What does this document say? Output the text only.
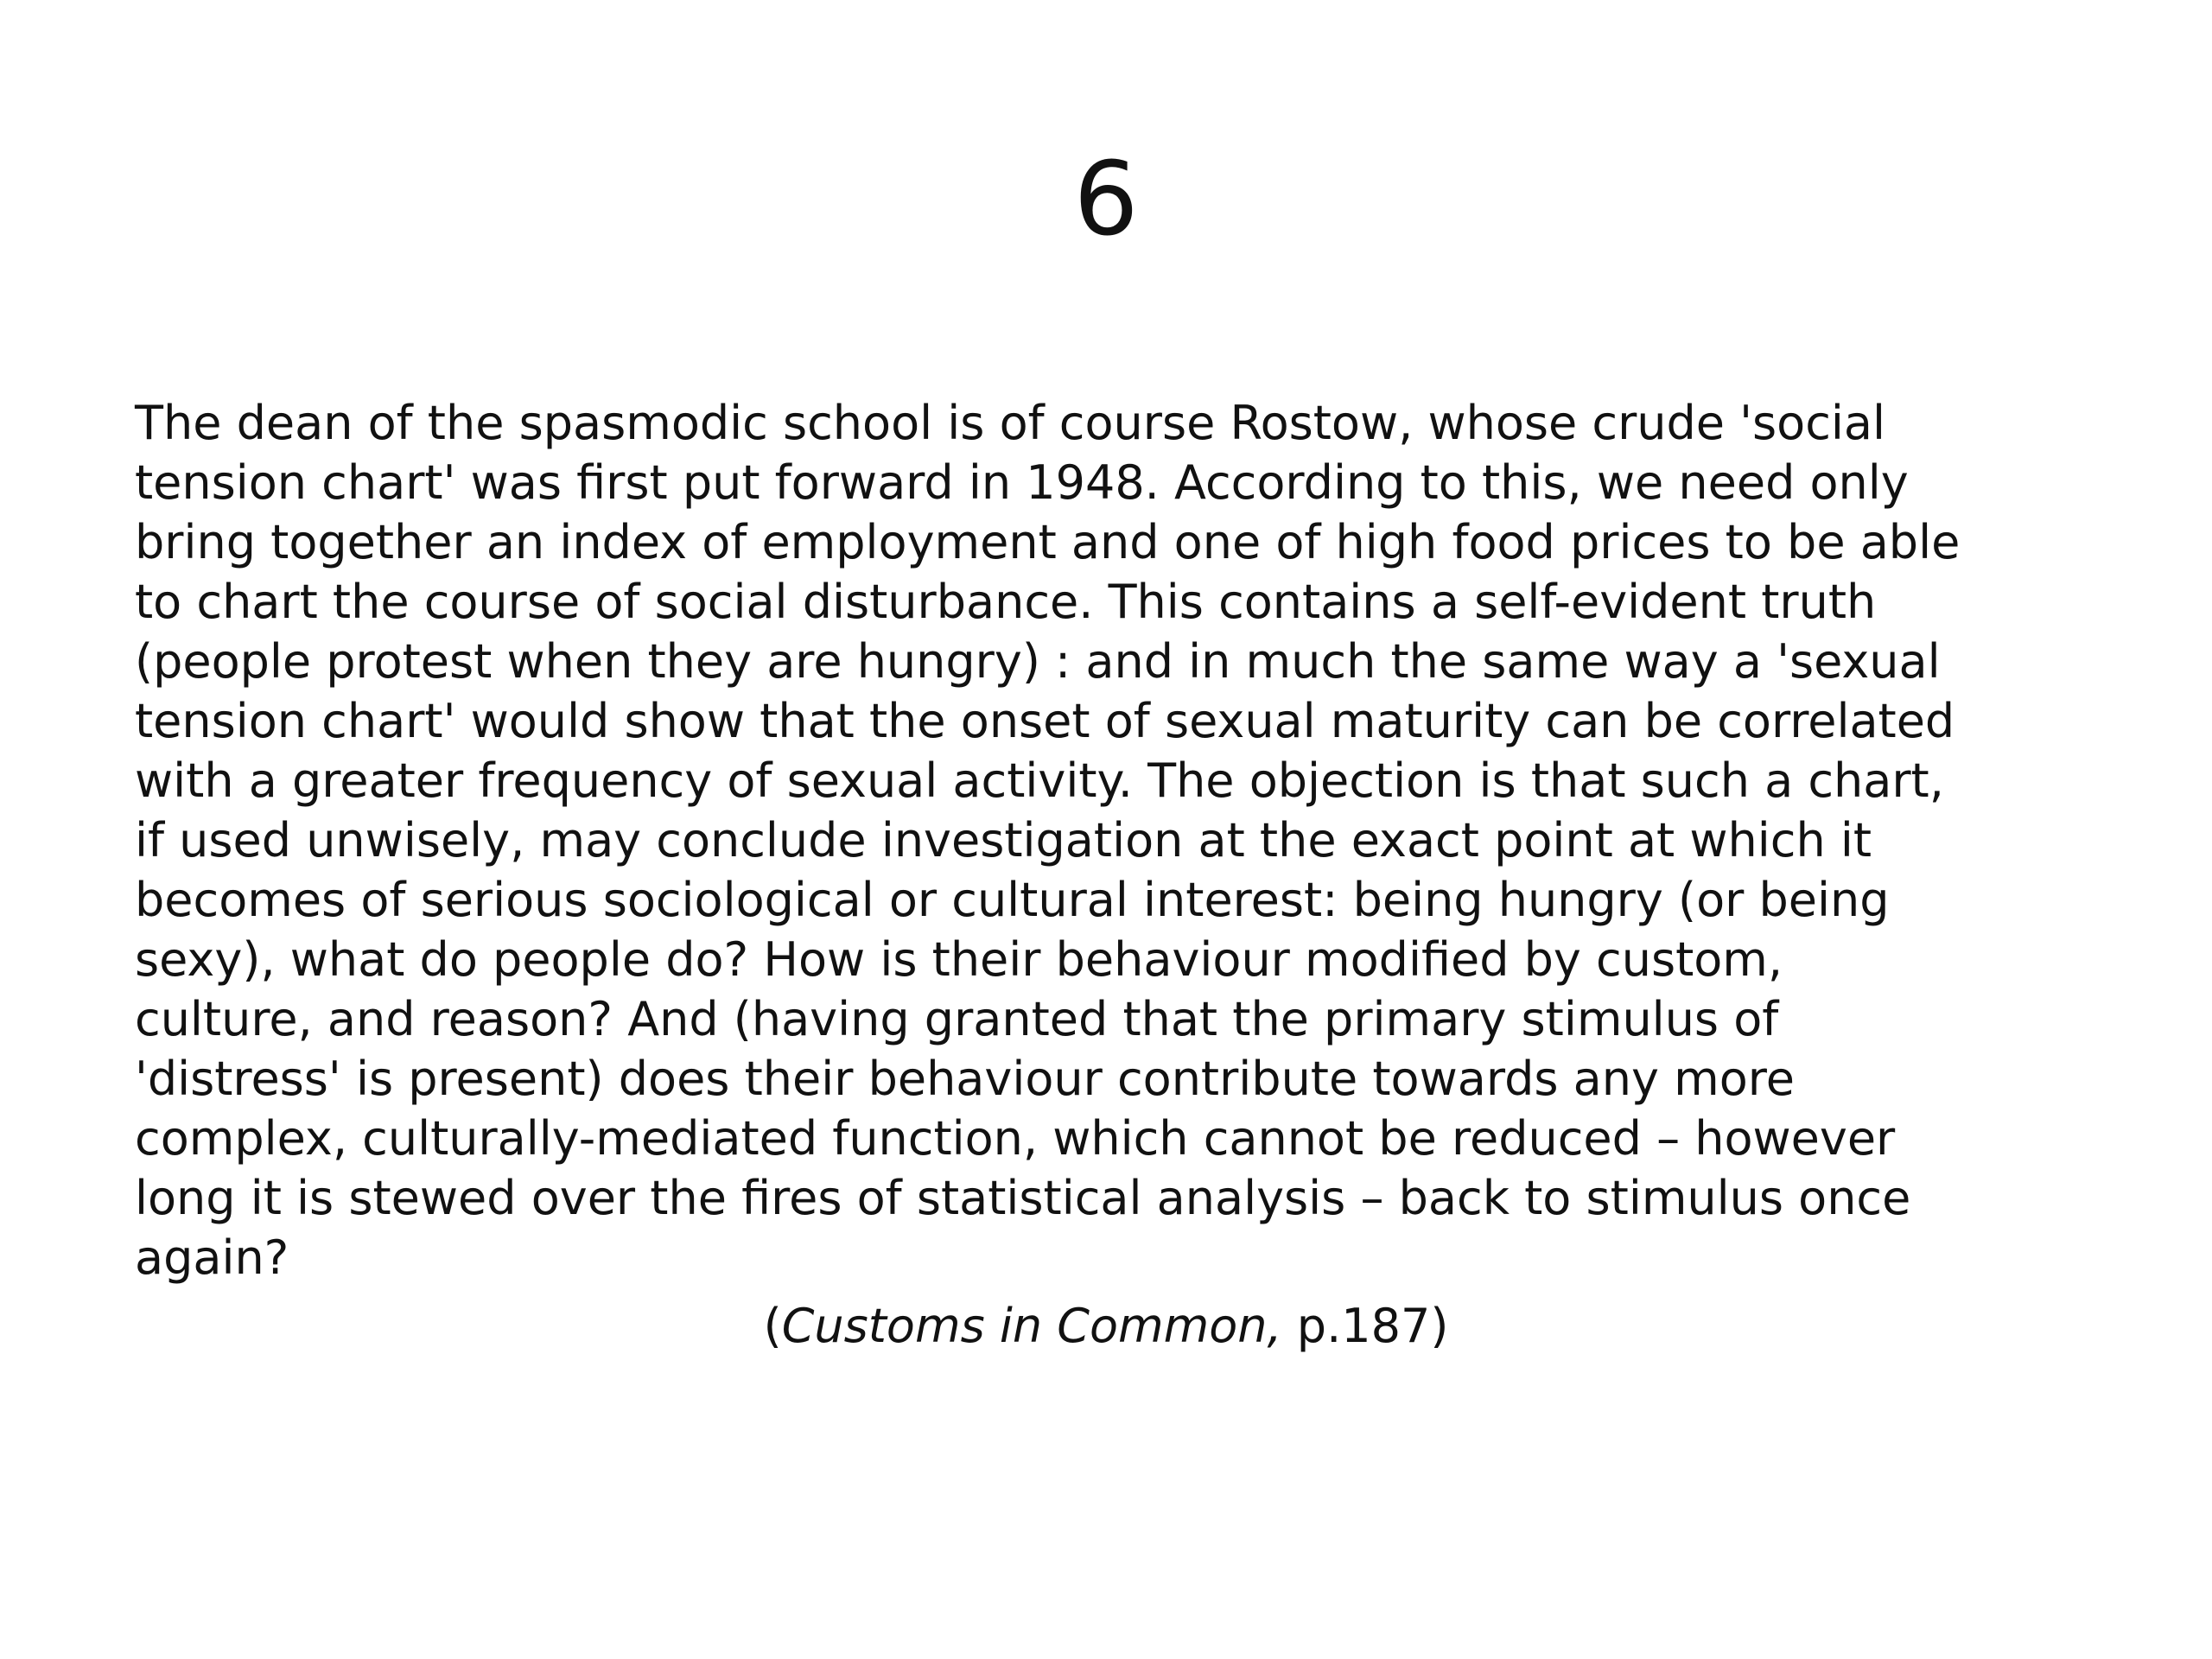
6
The dean of the spasmodic school is of course Rostow, whose crude 'social
tension chart' was first put forward in 1948. According to this, we need only
bring together an index of employment and one of high food prices to be able
to chart the course of social disturbance. This contains a self-evident truth
(people protest when they are hungry) : and in much the same way a 'sexual
tension chart' would show that the onset of sexual maturity can be correlated
with a greater frequency of sexual activity. The objection is that such a chart,
if used unwisely, may conclude investigation at the exact point at which it
becomes of serious sociological or cultural interest: being hungry (or being
sexy), what do people do? How is their behaviour modified by custom,
culture, and reason? And (having granted that the primary stimulus of
'distress' is present) does their behaviour contribute towards any more
complex, culturally-mediated function, which cannot be reduced – however
long it is stewed over the fires of statistical analysis – back to stimulus once
again?

(Customs in Common, p.187)
